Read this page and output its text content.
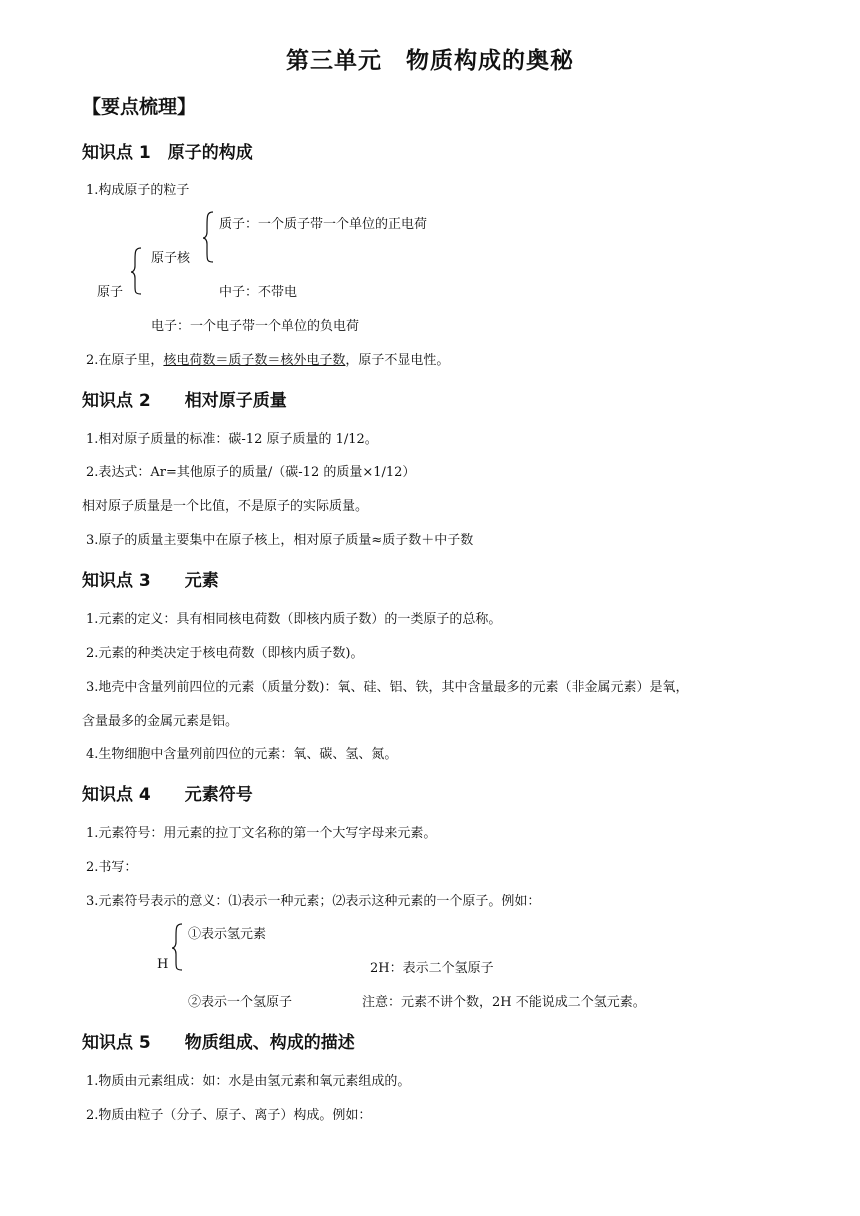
第三单元　物质构成的奥秘
【要点梳理】
知识点 1　原子的构成
1.构成原子的粒子
质子：一个质子带一个单位的正电荷
原子核
原子	中子：不带电
电子：一个电子带一个单位的负电荷
2.在原子里，核电荷数＝质子数＝核外电子数，原子不显电性。
知识点 2　　相对原子质量
1.相对原子质量的标准：碳-12 原子质量的 1/12。
2.表达式：Ar=其他原子的质量/（碳-12 的质量×1/12）
相对原子质量是一个比值，不是原子的实际质量。
3.原子的质量主要集中在原子核上，相对原子质量≈质子数＋中子数
知识点 3　　元素
1.元素的定义：具有相同核电荷数（即核内质子数）的一类原子的总称。
2.元素的种类决定于核电荷数（即核内质子数)。
3.地壳中含量列前四位的元素（质量分数)：氧、硅、铝、铁，其中含量最多的元素（非金属元素）是氧，
含量最多的金属元素是铝。
4.生物细胞中含量列前四位的元素：氧、碳、氢、氮。
知识点 4　　元素符号
1.元素符号：用元素的拉丁文名称的第一个大写字母来元素。
2.书写：
3.元素符号表示的意义：⑴表示一种元素；⑵表示这种元素的一个原子。例如：
①表示氢元素
H	2H：表示二个氢原子
②表示一个氢原子	注意：元素不讲个数，2H 不能说成二个氢元素。
知识点 5　　物质组成、构成的描述
1.物质由元素组成：如：水是由氢元素和氧元素组成的。
2.物质由粒子（分子、原子、离子）构成。例如：
